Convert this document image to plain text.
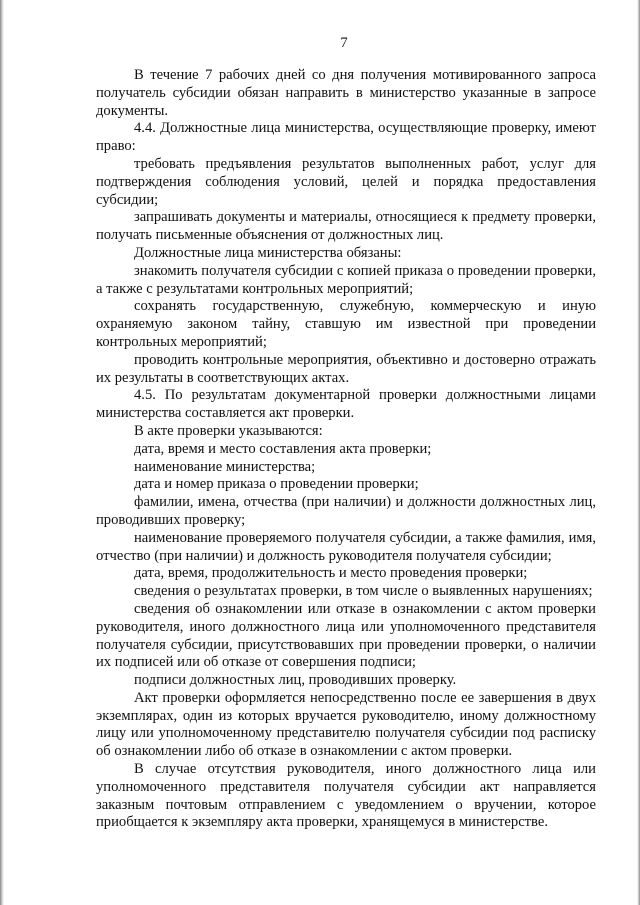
7

В течение 7 рабочих дней со дня получения мотивированного запроса получатель субсидии обязан направить в министерство указанные в запросе документы.

4.4. Должностные лица министерства, осуществляющие проверку, имеют право:

требовать предъявления результатов выполненных работ, услуг для подтверждения соблюдения условий, целей и порядка предоставления субсидии;

запрашивать документы и материалы, относящиеся к предмету проверки, получать письменные объяснения от должностных лиц.

Должностные лица министерства обязаны:

знакомить получателя субсидии с копией приказа о проведении проверки, а также с результатами контрольных мероприятий;

сохранять государственную, служебную, коммерческую и иную охраняемую законом тайну, ставшую им известной при проведении контрольных мероприятий;

проводить контрольные мероприятия, объективно и достоверно отражать их результаты в соответствующих актах.

4.5. По результатам документарной проверки должностными лицами министерства составляется акт проверки.

В акте проверки указываются:

дата, время и место составления акта проверки;

наименование министерства;

дата и номер приказа о проведении проверки;

фамилии, имена, отчества (при наличии) и должности должностных лиц, проводивших проверку;

наименование проверяемого получателя субсидии, а также фамилия, имя, отчество (при наличии) и должность руководителя получателя субсидии;

дата, время, продолжительность и место проведения проверки;

сведения о результатах проверки, в том числе о выявленных нарушениях;

сведения об ознакомлении или отказе в ознакомлении с актом проверки руководителя, иного должностного лица или уполномоченного представителя получателя субсидии, присутствовавших при проведении проверки, о наличии их подписей или об отказе от совершения подписи;

подписи должностных лиц, проводивших проверку.

Акт проверки оформляется непосредственно после ее завершения в двух экземплярах, один из которых вручается руководителю, иному должностному лицу или уполномоченному представителю получателя субсидии под расписку об ознакомлении либо об отказе в ознакомлении с актом проверки.

В случае отсутствия руководителя, иного должностного лица или уполномоченного представителя получателя субсидии акт направляется заказным почтовым отправлением с уведомлением о вручении, которое приобщается к экземпляру акта проверки, хранящемуся в министерстве.
